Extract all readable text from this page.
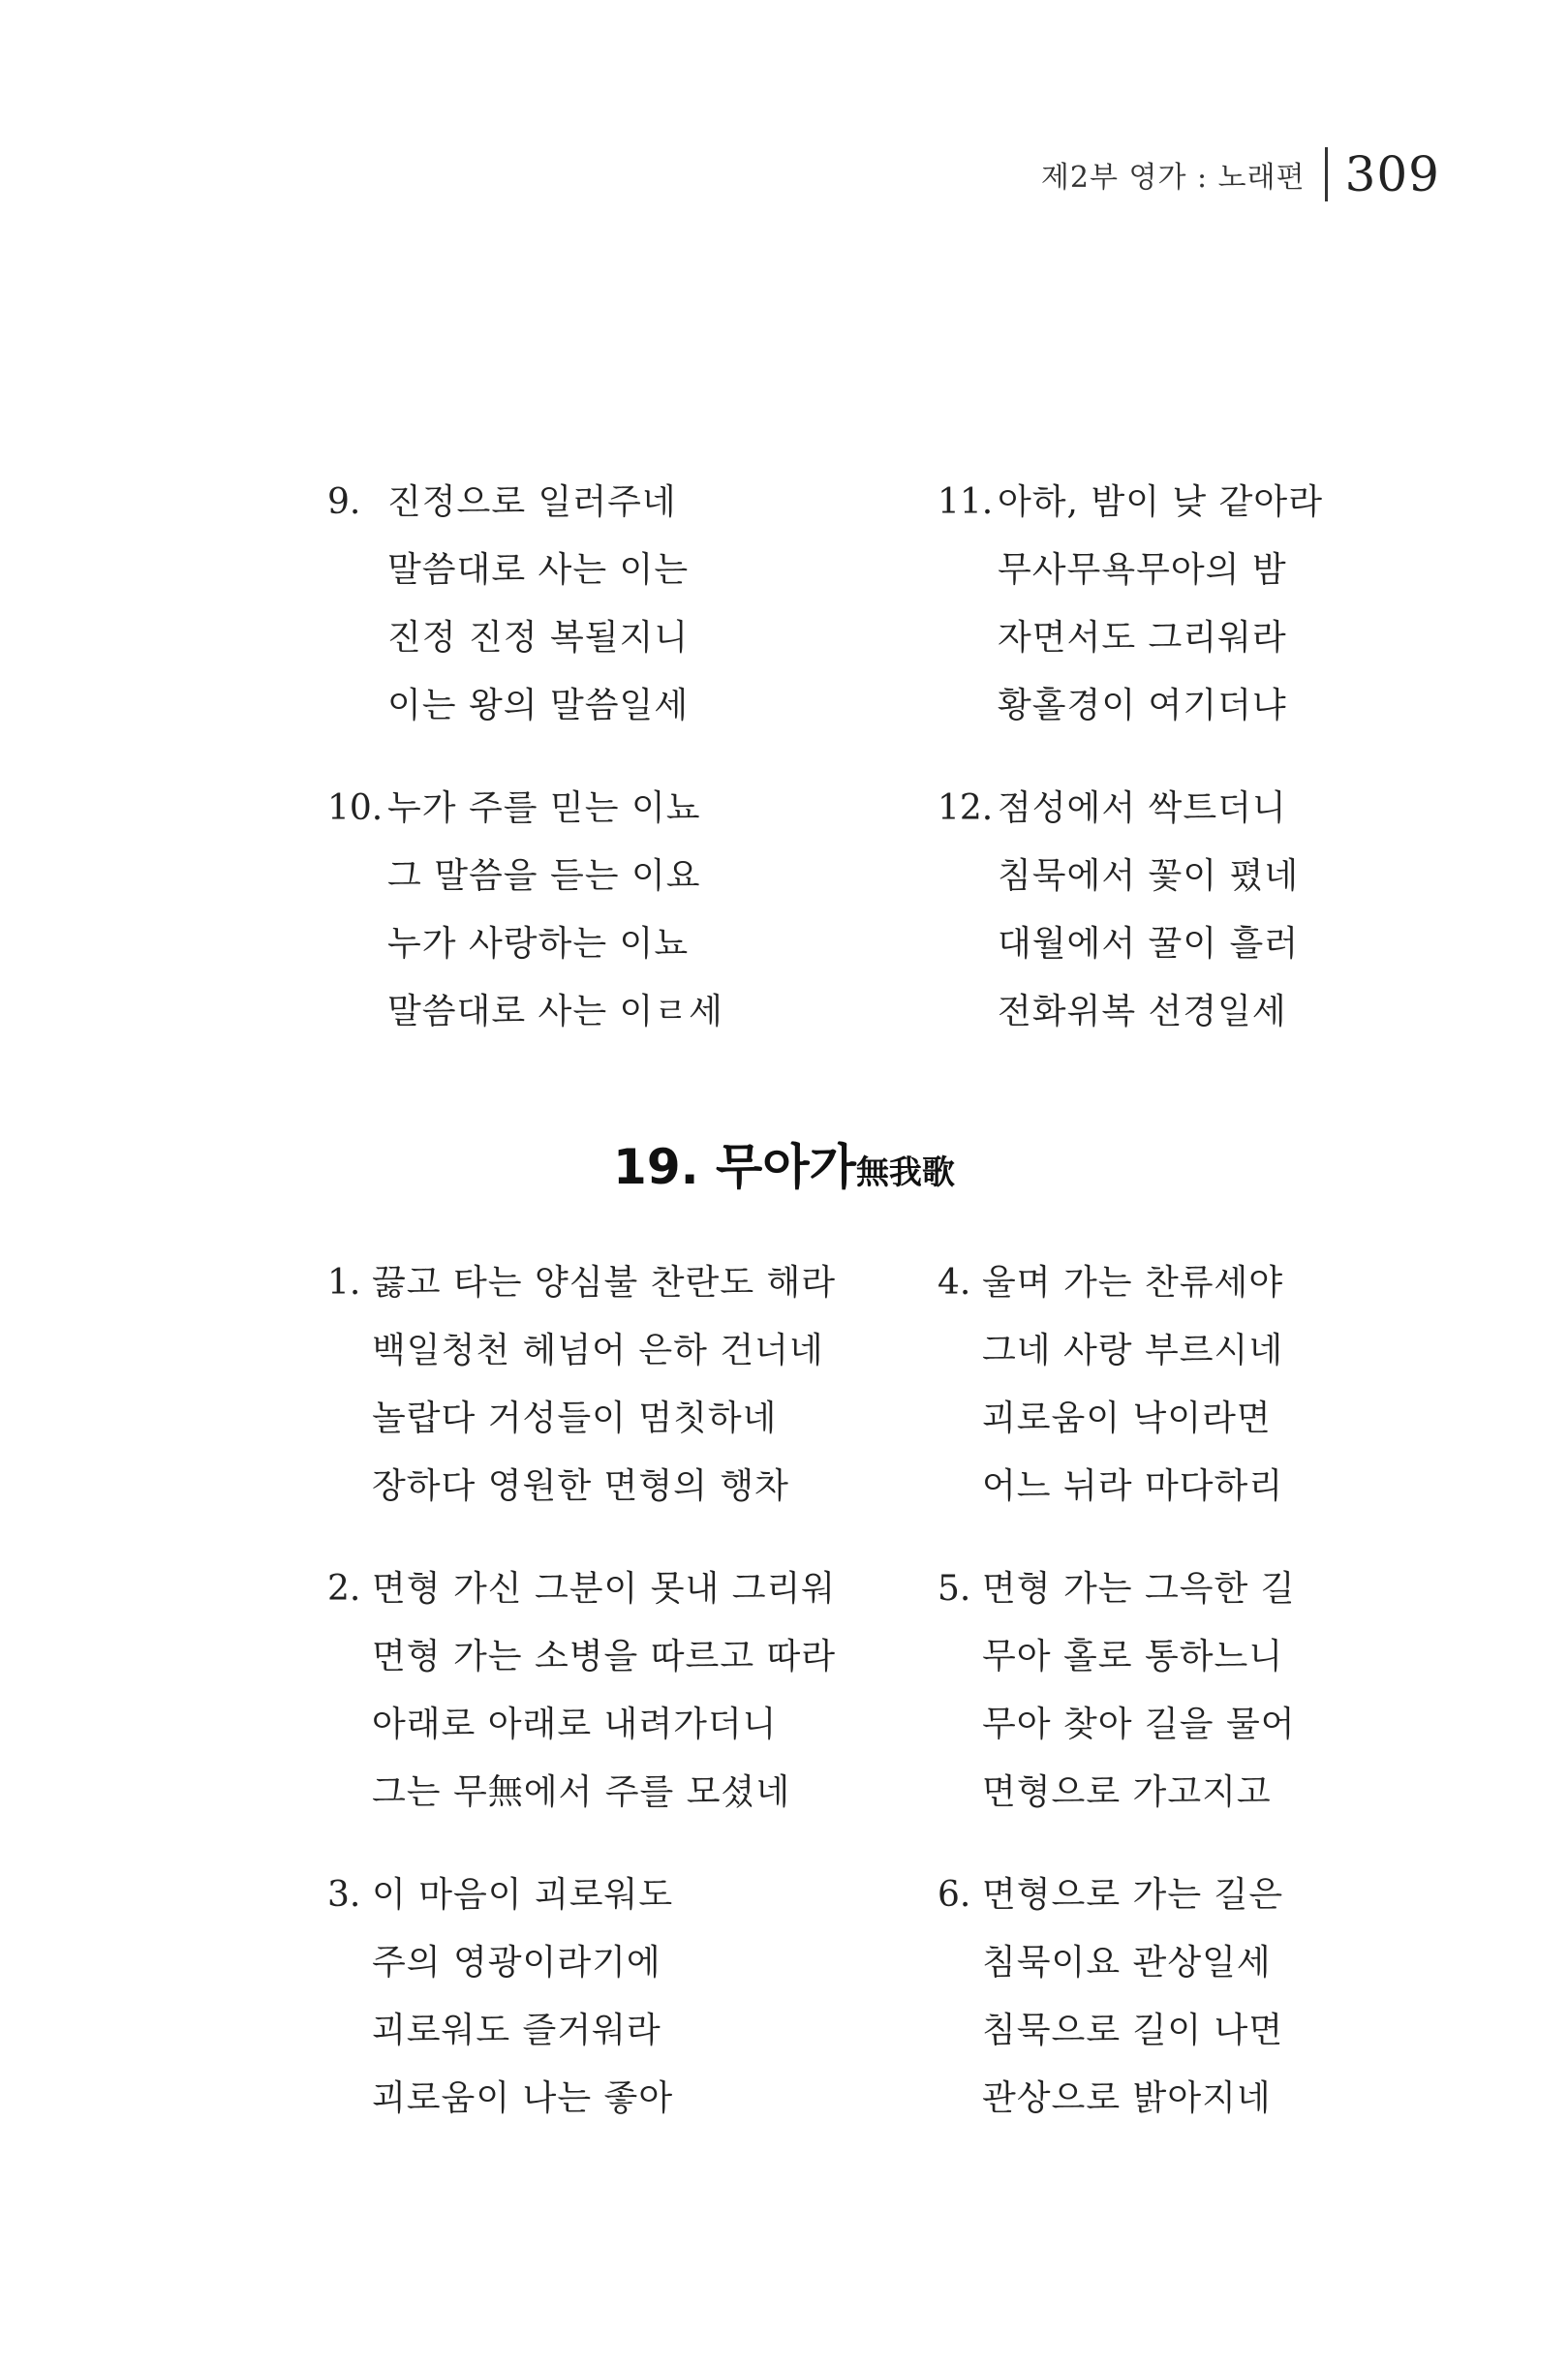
제2부 영가 : 노래편 309
9. 진정으로 일러주네
말씀대로 사는 이는
진정 진정 복될지니
이는 왕의 말씀일세
11. 아하, 밤이 낮 같아라
무사무욕무아의 밤
자면서도 그리워라
황홀경이 여기더냐
10. 누가 주를 믿는 이뇨
그 말씀을 듣는 이요
누가 사랑하는 이뇨
말씀대로 사는 이ㄹ세
12. 점성에서 싹트더니
침묵에서 꽃이 폈네
대월에서 꿀이 흘러
전화위복 선경일세
19. 무아가無我歌
1. 끓고 타는 양심불 찬란도 해라
백일청천 헤넘어 은하 건너네
놀랍다 거성들이 멈칫하네
장하다 영원한 면형의 행차
4. 울며 가는 찬류세야
그네 사랑 부르시네
괴로움이 낙이라면
어느 뉘라 마다하리
2. 면형 가신 그분이 못내 그리워
면형 가는 소병을 따르고 따라
아래로 아래로 내려가더니
그는 무無에서 주를 모셨네
5. 면형 가는 그윽한 길
무아 홀로 통하느니
무아 찾아 길을 물어
면형으로 가고지고
3. 이 마음이 괴로워도
주의 영광이라기에
괴로워도 즐거워라
괴로움이 나는 좋아
6. 면형으로 가는 길은
침묵이요 관상일세
침묵으로 길이 나면
관상으로 밝아지네
